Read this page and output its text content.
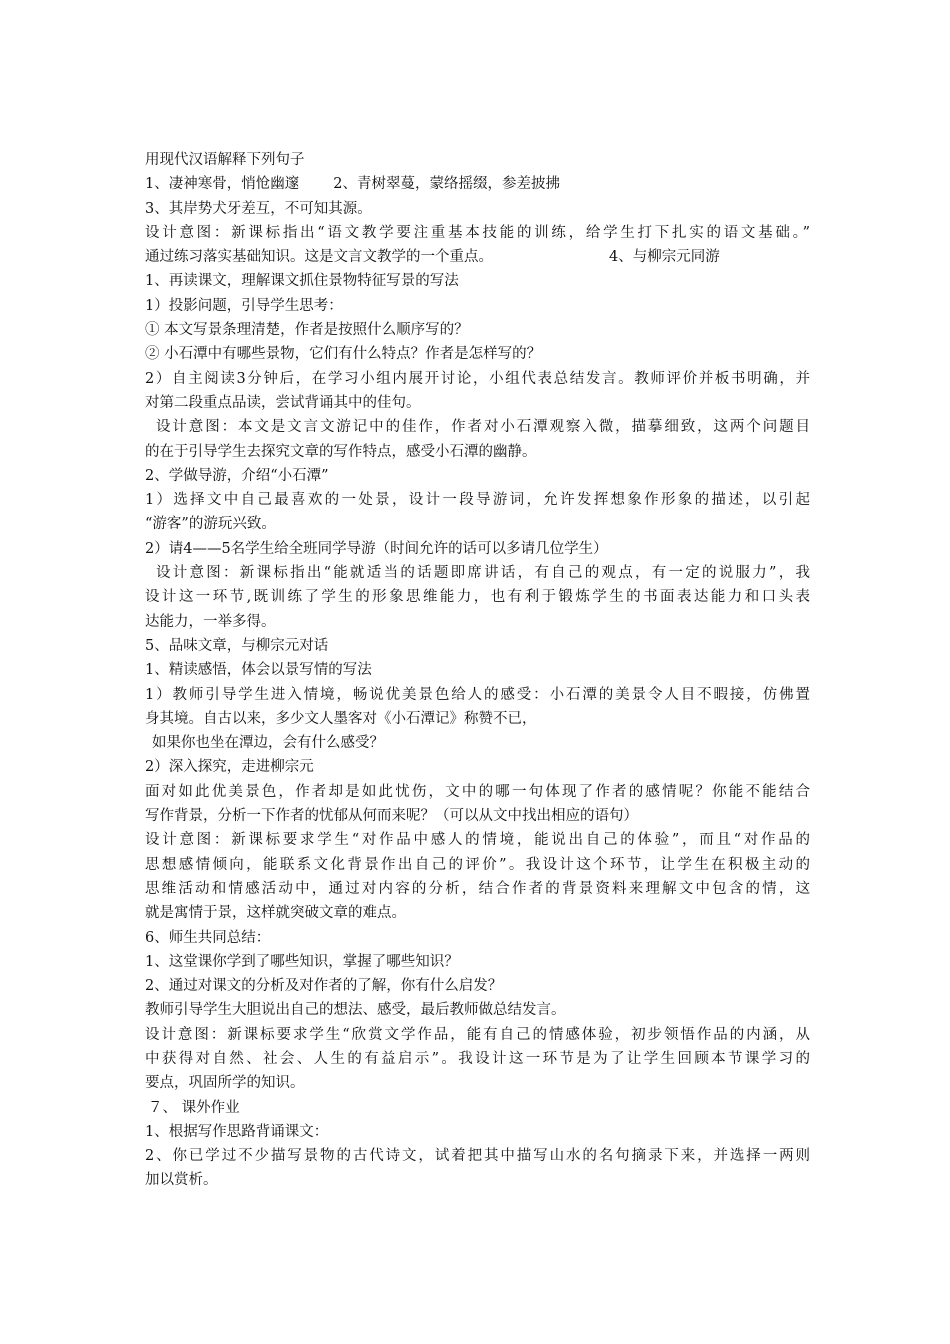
用现代汉语解释下列句子
1、凄神寒骨，悄怆幽邃 2、青树翠蔓，蒙络摇缀，参差披拂
3、其岸势犬牙差互，不可知其源。
设计意图：新课标指出“语文教学要注重基本技能的训练，给学生打下扎实的语文基础。”
通过练习落实基础知识。这是文言文教学的一个重点。	4、与柳宗元同游
1、再读课文，理解课文抓住景物特征写景的写法
1）投影问题，引导学生思考：
① 本文写景条理清楚，作者是按照什么顺序写的？
② 小石潭中有哪些景物，它们有什么特点？作者是怎样写的？
2）自主阅读3分钟后，在学习小组内展开讨论，小组代表总结发言。教师评价并板书明确，并
对第二段重点品读，尝试背诵其中的佳句。
设计意图：本文是文言文游记中的佳作，作者对小石潭观察入微，描摹细致，这两个问题目
的在于引导学生去探究文章的写作特点，感受小石潭的幽静。
2、学做导游，介绍“小石潭”
1）选择文中自己最喜欢的一处景，设计一段导游词，允许发挥想象作形象的描述，以引起
“游客”的游玩兴致。
2）请4——5名学生给全班同学导游（时间允许的话可以多请几位学生）
设计意图：新课标指出“能就适当的话题即席讲话，有自己的观点，有一定的说服力”，我
设计这一环节,既训练了学生的形象思维能力，也有利于锻炼学生的书面表达能力和口头表
达能力，一举多得。
5、品味文章，与柳宗元对话
1、精读感悟，体会以景写情的写法
1）教师引导学生进入情境，畅说优美景色给人的感受：小石潭的美景令人目不暇接，仿佛置
身其境。自古以来，多少文人墨客对《小石潭记》称赞不已，
如果你也坐在潭边，会有什么感受？
2）深入探究，走进柳宗元
面对如此优美景色，作者却是如此忧伤，文中的哪一句体现了作者的感情呢？你能不能结合
写作背景，分析一下作者的忧郁从何而来呢？（可以从文中找出相应的语句）
设计意图：新课标要求学生“对作品中感人的情境，能说出自己的体验”，而且“对作品的
思想感情倾向，能联系文化背景作出自己的评价”。我设计这个环节，让学生在积极主动的
思维活动和情感活动中，通过对内容的分析，结合作者的背景资料来理解文中包含的情，这
就是寓情于景，这样就突破文章的难点。
6、师生共同总结：
1、这堂课你学到了哪些知识，掌握了哪些知识？
2、通过对课文的分析及对作者的了解，你有什么启发？
教师引导学生大胆说出自己的想法、感受，最后教师做总结发言。
设计意图：新课标要求学生“欣赏文学作品，能有自己的情感体验，初步领悟作品的内涵，从
中获得对自然、社会、人生的有益启示”。我设计这一环节是为了让学生回顾本节课学习的
要点，巩固所学的知识。
７、 课外作业
1、根据写作思路背诵课文：
2、你已学过不少描写景物的古代诗文，试着把其中描写山水的名句摘录下来，并选择一两则
加以赏析。
